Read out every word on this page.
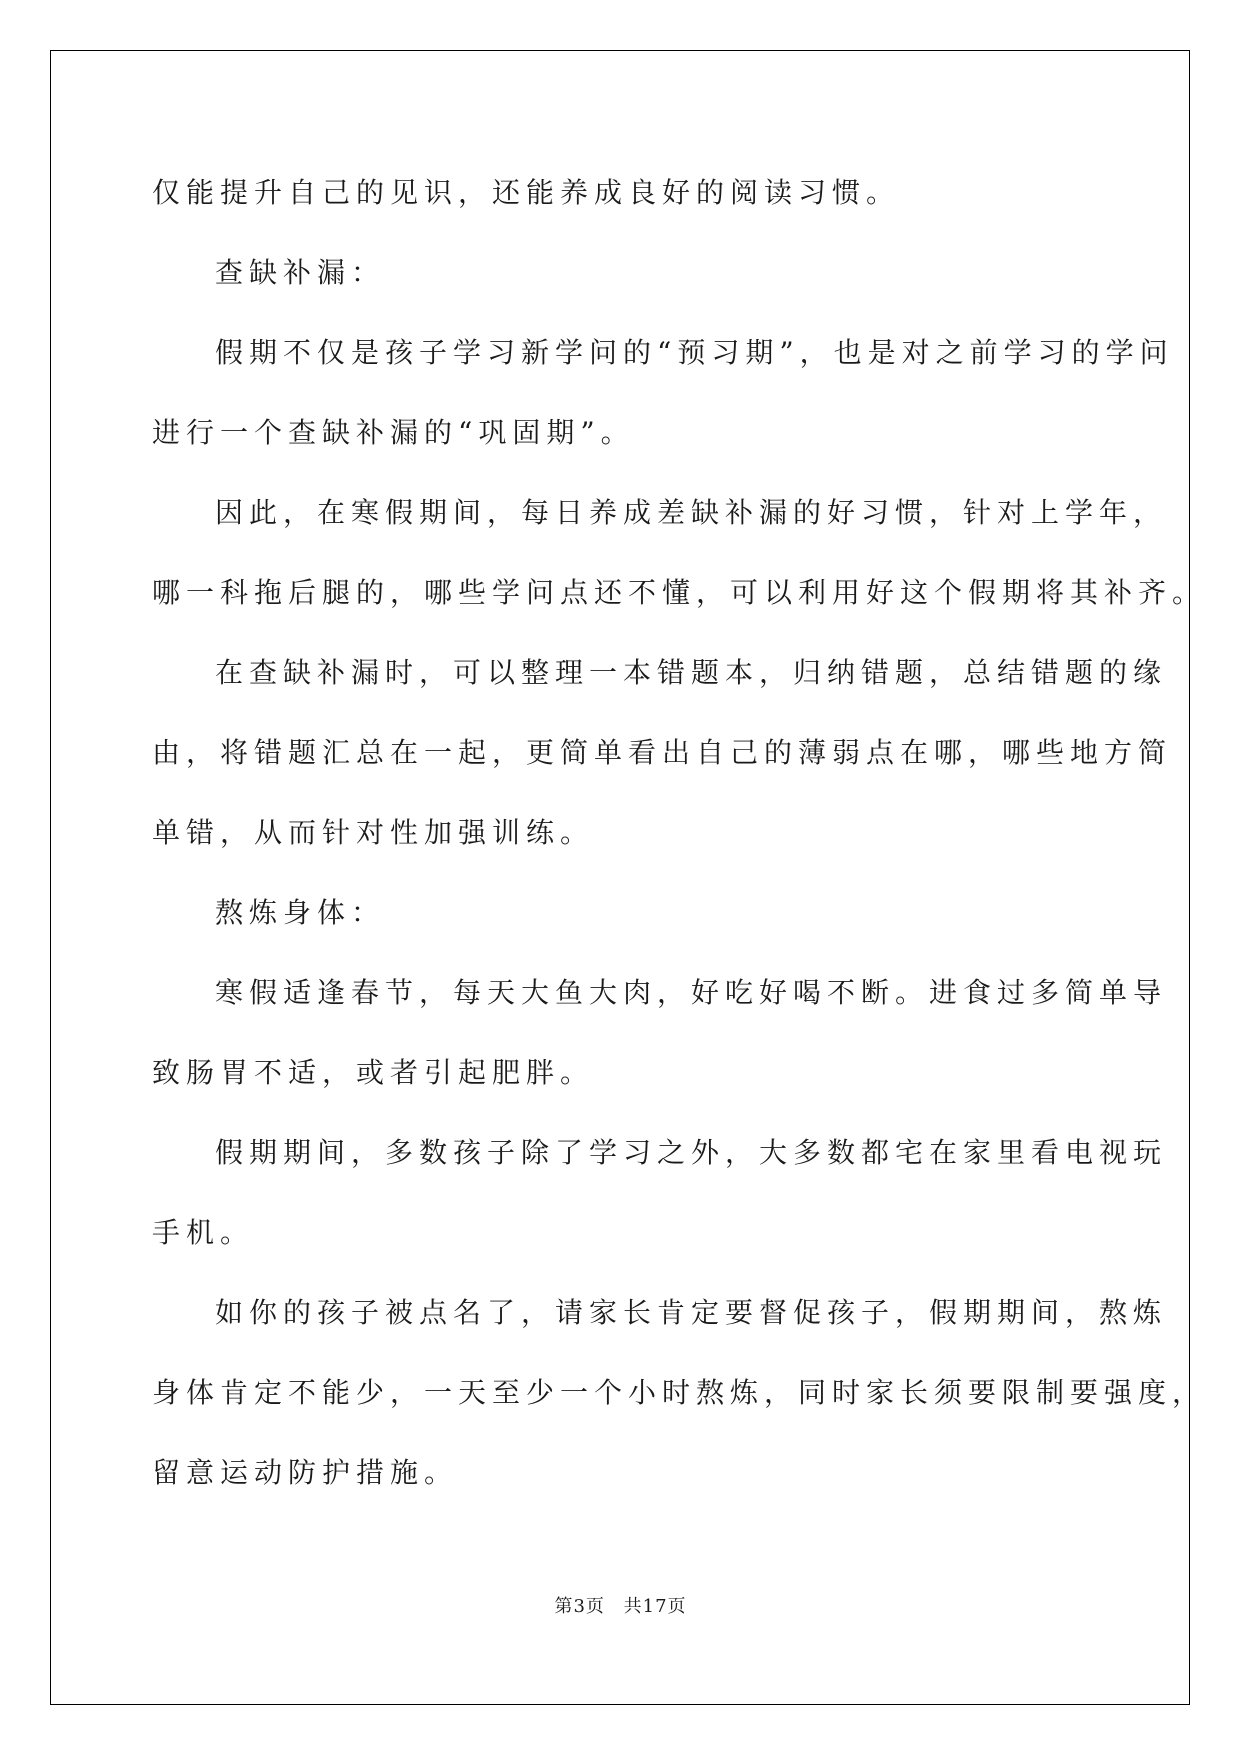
仅能提升自己的见识，还能养成良好的阅读习惯。
查缺补漏：
假期不仅是孩子学习新学问的“预习期”，也是对之前学习的学问
进行一个查缺补漏的“巩固期”。
因此，在寒假期间，每日养成差缺补漏的好习惯，针对上学年，
哪一科拖后腿的，哪些学问点还不懂，可以利用好这个假期将其补齐。
在查缺补漏时，可以整理一本错题本，归纳错题，总结错题的缘
由，将错题汇总在一起，更简单看出自己的薄弱点在哪，哪些地方简
单错，从而针对性加强训练。
熬炼身体：
寒假适逢春节，每天大鱼大肉，好吃好喝不断。进食过多简单导
致肠胃不适，或者引起肥胖。
假期期间，多数孩子除了学习之外，大多数都宅在家里看电视玩
手机。
如你的孩子被点名了，请家长肯定要督促孩子，假期期间，熬炼
身体肯定不能少，一天至少一个小时熬炼，同时家长须要限制要强度，
留意运动防护措施。
第3页 共17页
